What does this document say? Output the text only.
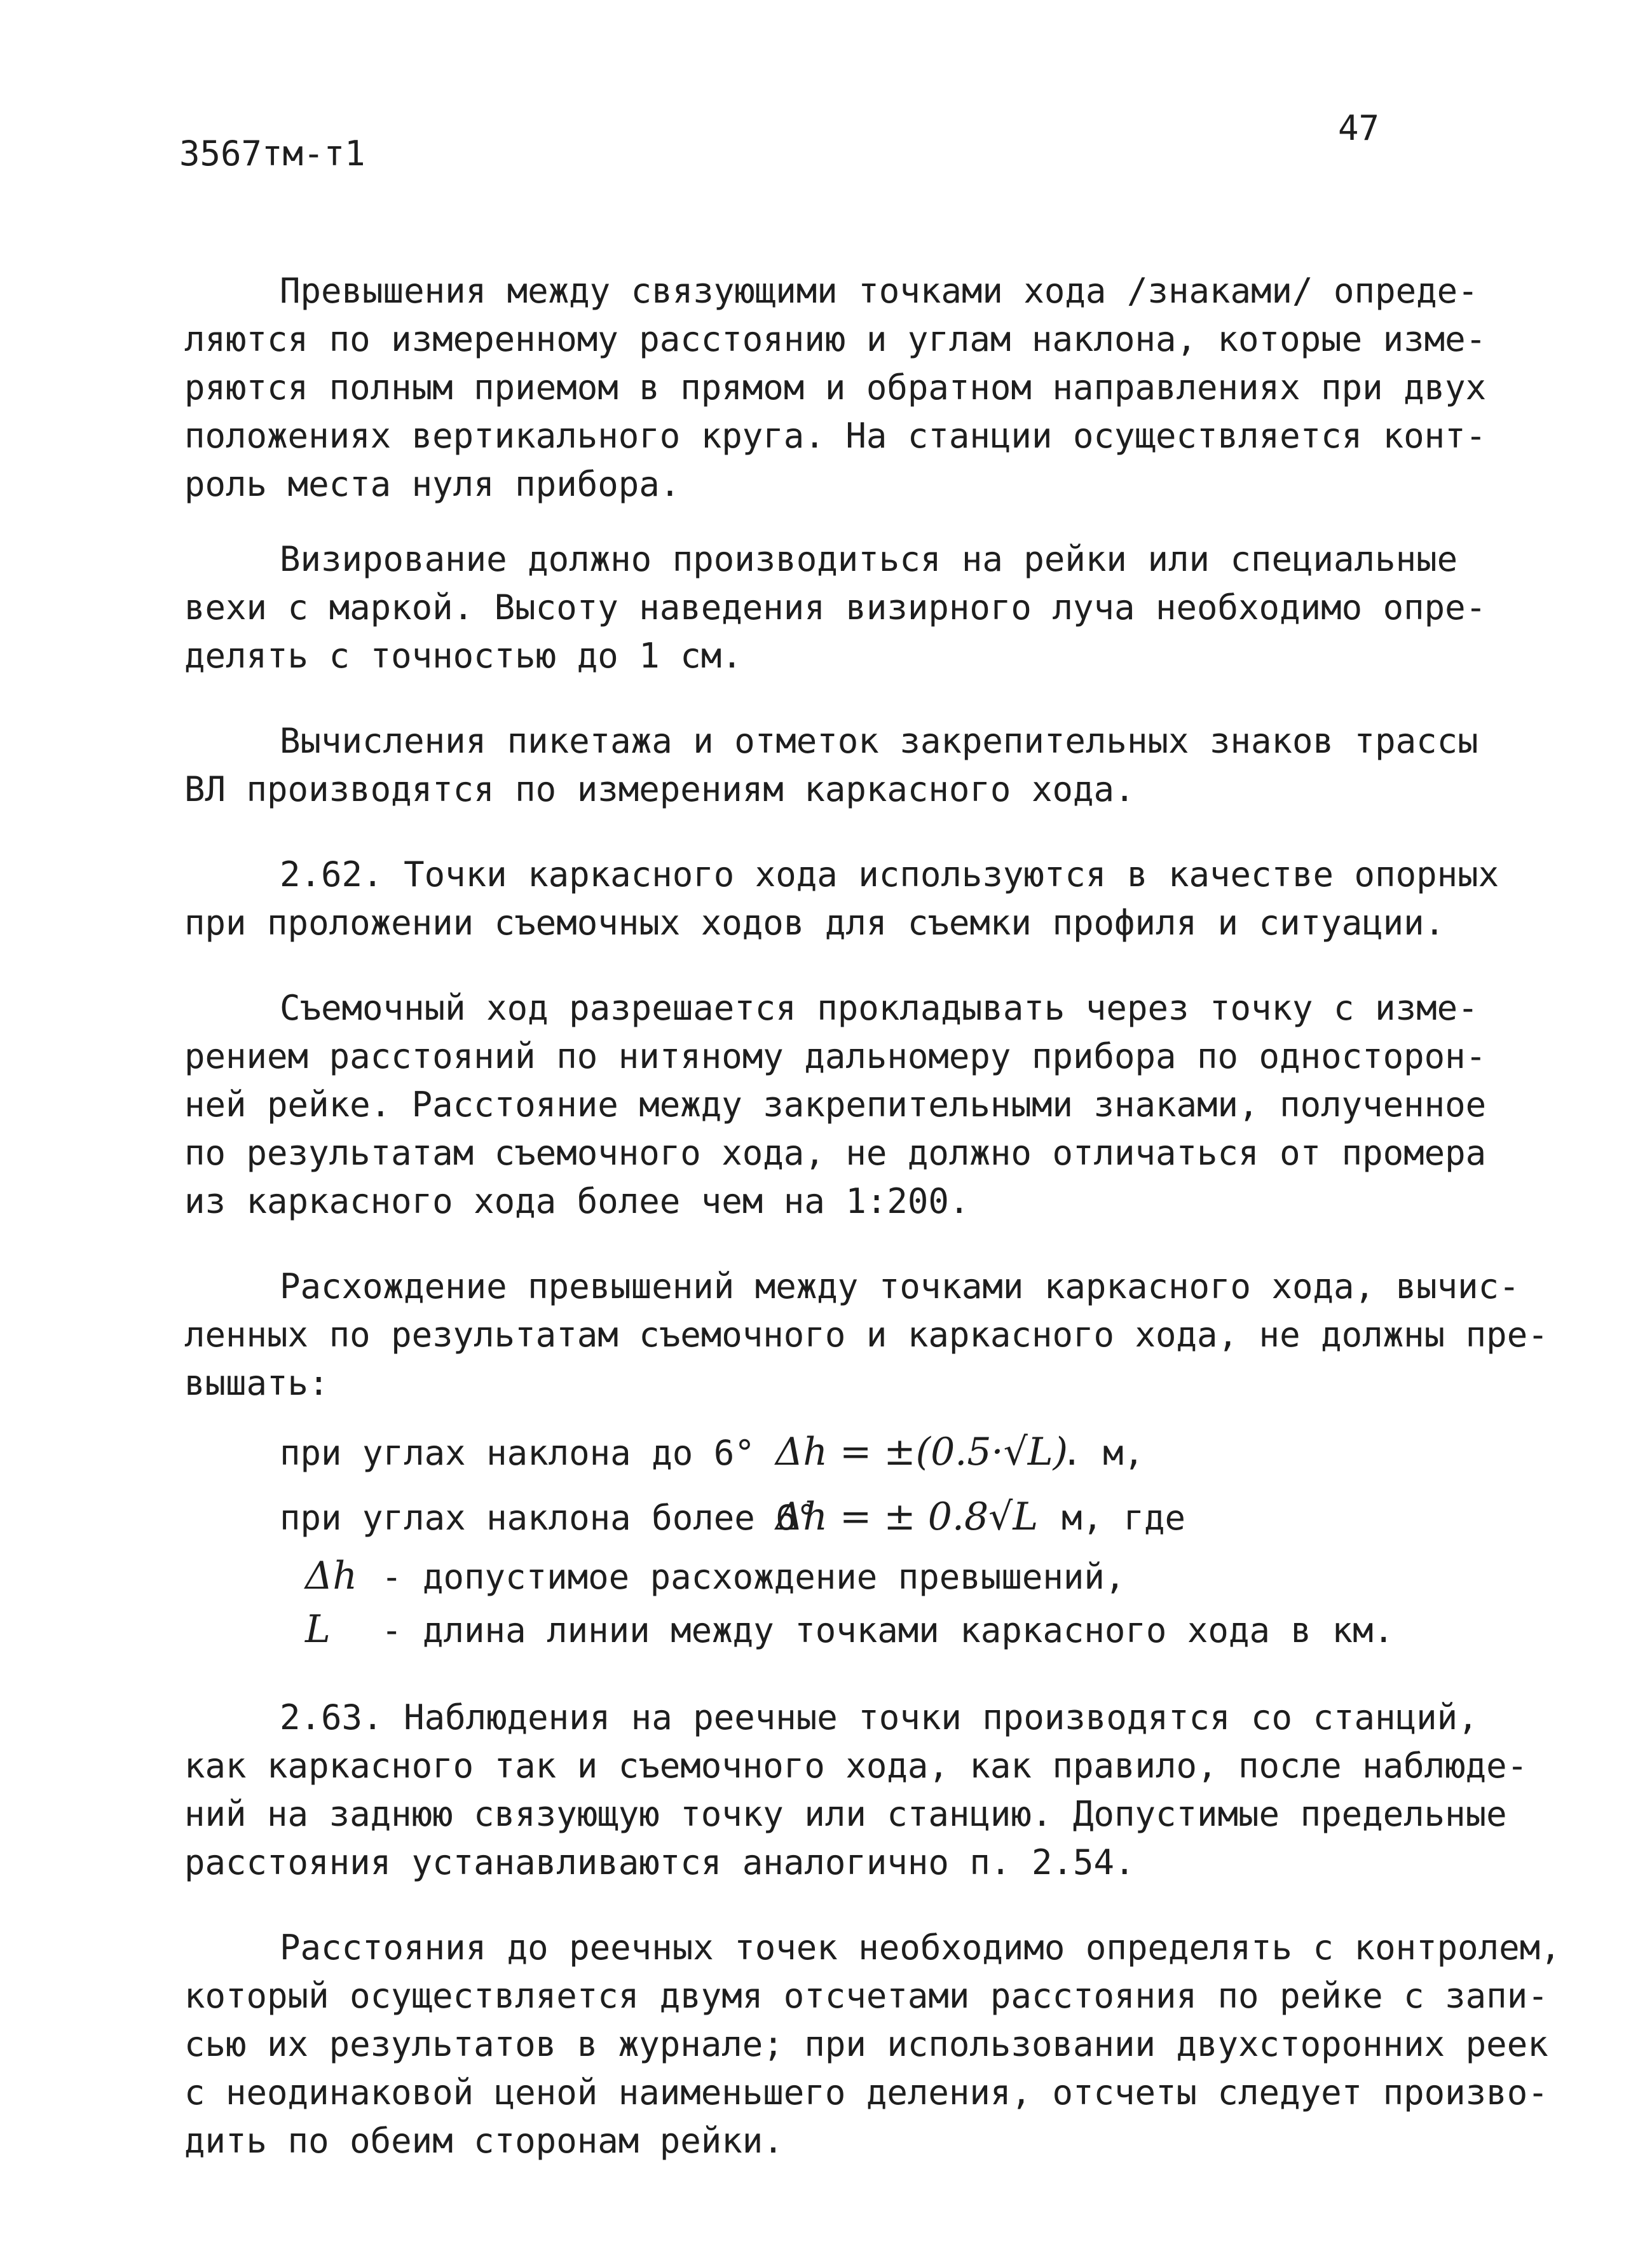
3567тм-т1
47
Превышения между связующими точками хода /знаками/ опреде-
ляются по измеренному расстоянию и углам наклона, которые изме-
ряются полным приемом в прямом и обратном направлениях при двух
положениях вертикального круга. На станции осуществляется конт-
роль места нуля прибора.
Визирование должно производиться на рейки или специальные
вехи с маркой. Высоту наведения визирного луча необходимо опре-
делять с точностью до 1 см.
Вычисления пикетажа и отметок закрепительных знаков трассы
ВЛ производятся по измерениям каркасного хода.
2.62. Точки каркасного хода используются в качестве опорных
при проложении съемочных ходов для съемки профиля и ситуации.
Съемочный ход разрешается прокладывать через точку с изме-
рением расстояний по нитяному дальномеру прибора по односторон-
ней рейке. Расстояние между закрепительными знаками, полученное
по результатам съемочного хода, не должно отличаться от промера
из каркасного хода более чем на 1:200.
Расхождение превышений между точками каркасного хода, вычис-
ленных по результатам съемочного и каркасного хода, не должны пре-
вышать:
при углах наклона до 6° Δh = ±(0.5·√L)
. м,
при углах наклона более 6°
Δh = ± 0.8√L м, где
Δh - допустимое расхождение превышений,
L - длина линии между точками каркасного хода в км.
2.63. Наблюдения на реечные точки производятся со станций,
как каркасного так и съемочного хода, как правило, после наблюде-
ний на заднюю связующую точку или станцию. Допустимые предельные
расстояния устанавливаются аналогично п. 2.54.
Расстояния до реечных точек необходимо определять с контролем,
который осуществляется двумя отсчетами расстояния по рейке с запи-
сью их результатов в журнале; при использовании двухсторонних реек
с неодинаковой ценой наименьшего деления, отсчеты следует произво-
дить по обеим сторонам рейки.
